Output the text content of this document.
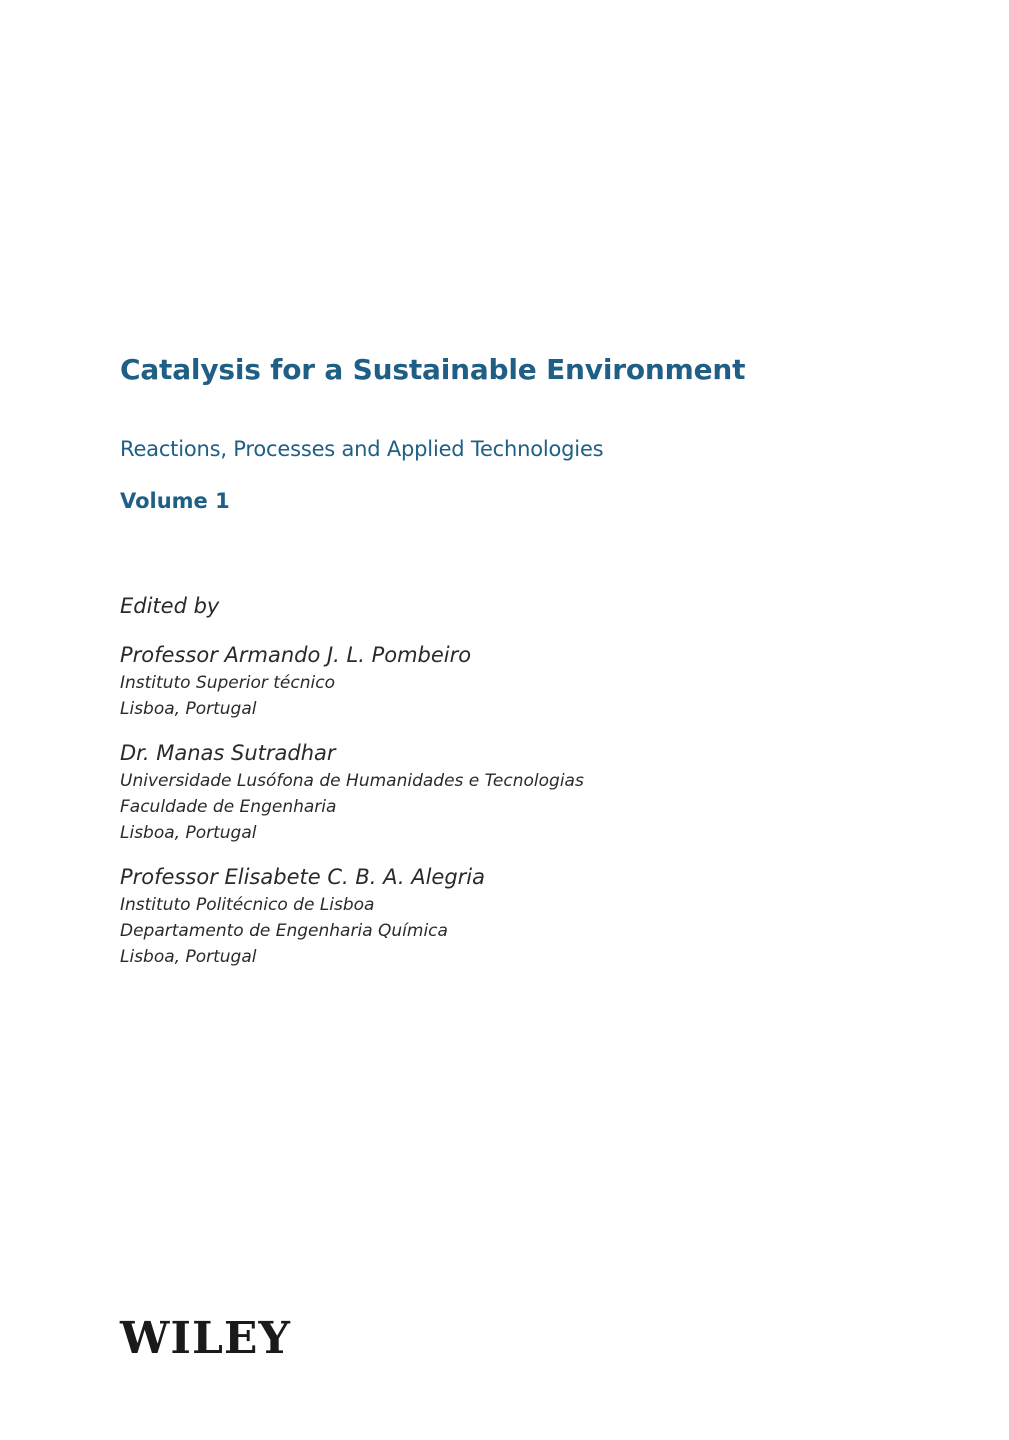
Catalysis for a Sustainable Environment
Reactions, Processes and Applied Technologies
Volume 1
Edited by
Professor Armando J. L. Pombeiro
Instituto Superior técnico
Lisboa, Portugal
Dr. Manas Sutradhar
Universidade Lusófona de Humanidades e Tecnologias
Faculdade de Engenharia
Lisboa, Portugal
Professor Elisabete C. B. A. Alegria
Instituto Politécnico de Lisboa
Departamento de Engenharia Química
Lisboa, Portugal
WILEY
